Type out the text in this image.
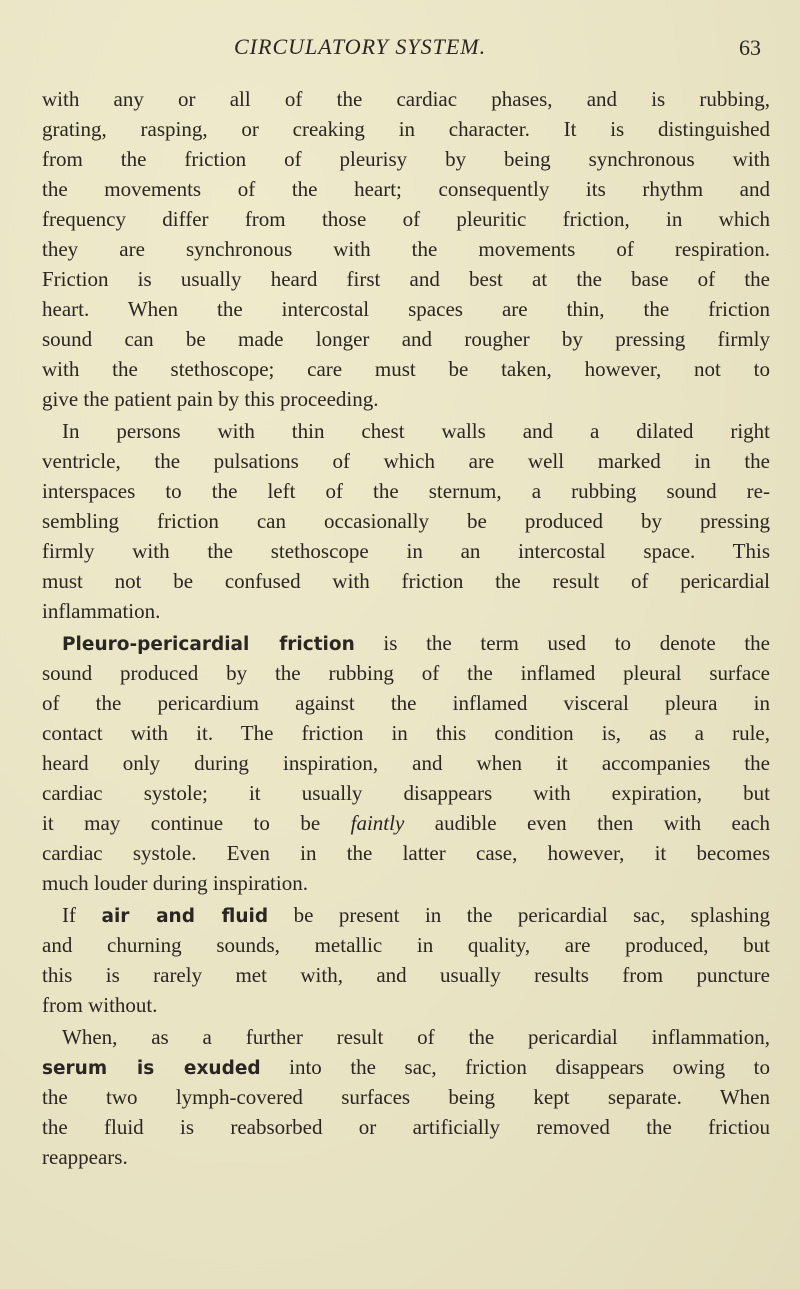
CIRCULATORY SYSTEM.	63
with any or all of the cardiac phases, and is rubbing,
grating, rasping, or creaking in character. It is distinguished
from the friction of pleurisy by being synchronous with
the movements of the heart; consequently its rhythm and
frequency differ from those of pleuritic friction, in which
they are synchronous with the movements of respiration.
Friction is usually heard first and best at the base of the
heart. When the intercostal spaces are thin, the friction
sound can be made longer and rougher by pressing firmly
with the stethoscope; care must be taken, however, not to
give the patient pain by this proceeding.
In persons with thin chest walls and a dilated right
ventricle, the pulsations of which are well marked in the
interspaces to the left of the sternum, a rubbing sound re-
sembling friction can occasionally be produced by pressing
firmly with the stethoscope in an intercostal space. This
must not be confused with friction the result of pericardial
inflammation.
Pleuro-pericardial friction is the term used to denote the
sound produced by the rubbing of the inflamed pleural surface
of the pericardium against the inflamed visceral pleura in
contact with it. The friction in this condition is, as a rule,
heard only during inspiration, and when it accompanies the
cardiac systole; it usually disappears with expiration, but
it may continue to be faintly audible even then with each
cardiac systole. Even in the latter case, however, it becomes
much louder during inspiration.
If air and fluid be present in the pericardial sac, splashing
and churning sounds, metallic in quality, are produced, but
this is rarely met with, and usually results from puncture
from without.
When, as a further result of the pericardial inflammation,
serum is exuded into the sac, friction disappears owing to
the two lymph-covered surfaces being kept separate. When
the fluid is reabsorbed or artificially removed the frictiou
reappears.
